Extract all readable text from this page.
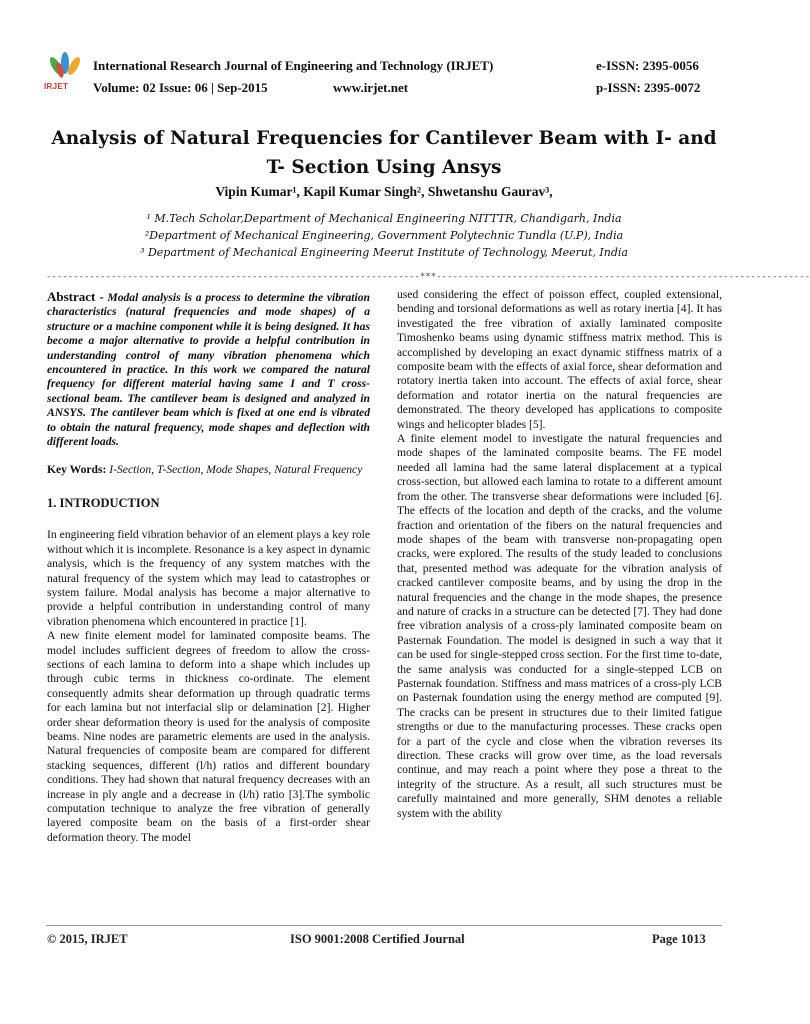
IRJET
International Research Journal of Engineering and Technology (IRJET)
Volume: 02 Issue: 06 | Sep-2015	www.irjet.net
e-ISSN: 2395-0056
p-ISSN: 2395-0072
Analysis of Natural Frequencies for Cantilever Beam with I- and
T- Section Using Ansys
Vipin Kumar¹, Kapil Kumar Singh², Shwetanshu Gaurav³,
¹ M.Tech Scholar,Department of Mechanical Engineering NITTTR, Chandigarh, India
²Department of Mechanical Engineering, Government Polytechnic Tundla (U.P), India
³ Department of Mechanical Engineering Meerut Institute of Technology, Meerut, India
---------------------------------------------------------------------***---------------------------------------------------------------------

Abstract - Modal analysis is a process to determine the vibration characteristics (natural frequencies and mode shapes) of a structure or a machine component while it is being designed. It has become a major alternative to provide a helpful contribution in understanding control of many vibration phenomena which encountered in practice. In this work we compared the natural frequency for different material having same I and T cross- sectional beam. The cantilever beam is designed and analyzed in ANSYS. The cantilever beam which is fixed at one end is vibrated to obtain the natural frequency, mode shapes and deflection with different loads.

Key Words: I-Section, T-Section, Mode Shapes, Natural Frequency

1. INTRODUCTION

In engineering field vibration behavior of an element plays a key role without which it is incomplete. Resonance is a key aspect in dynamic analysis, which is the frequency of any system matches with the natural frequency of the system which may lead to catastrophes or system failure. Modal analysis has become a major alternative to provide a helpful contribution in understanding control of many vibration phenomena which encountered in practice [1].

A new finite element model for laminated composite beams. The model includes sufficient degrees of freedom to allow the cross-sections of each lamina to deform into a shape which includes up through cubic terms in thickness co-ordinate. The element consequently admits shear deformation up through quadratic terms for each lamina but not interfacial slip or delamination [2]. Higher order shear deformation theory is used for the analysis of composite beams. Nine nodes are parametric elements are used in the analysis. Natural frequencies of composite beam are compared for different stacking sequences, different (l/h) ratios and different boundary conditions. They had shown that natural frequency decreases with an increase in ply angle and a decrease in (l/h) ratio [3].The symbolic computation technique to analyze the free vibration of generally layered composite beam on the basis of a first-order shear deformation theory. The model

used considering the effect of poisson effect, coupled extensional, bending and torsional deformations as well as rotary inertia [4]. It has investigated the free vibration of axially laminated composite Timoshenko beams using dynamic stiffness matrix method. This is accomplished by developing an exact dynamic stiffness matrix of a composite beam with the effects of axial force, shear deformation and rotatory inertia taken into account. The effects of axial force, shear deformation and rotator inertia on the natural frequencies are demonstrated. The theory developed has applications to composite wings and helicopter blades [5].

A finite element model to investigate the natural frequencies and mode shapes of the laminated composite beams. The FE model needed all lamina had the same lateral displacement at a typical cross-section, but allowed each lamina to rotate to a different amount from the other. The transverse shear deformations were included [6]. The effects of the location and depth of the cracks, and the volume fraction and orientation of the fibers on the natural frequencies and mode shapes of the beam with transverse non-propagating open cracks, were explored. The results of the study leaded to conclusions that, presented method was adequate for the vibration analysis of cracked cantilever composite beams, and by using the drop in the natural frequencies and the change in the mode shapes, the presence and nature of cracks in a structure can be detected [7]. They had done free vibration analysis of a cross-ply laminated composite beam on Pasternak Foundation. The model is designed in such a way that it can be used for single-stepped cross section. For the first time to-date, the same analysis was conducted for a single-stepped LCB on Pasternak foundation. Stiffness and mass matrices of a cross-ply LCB on Pasternak foundation using the energy method are computed [9]. The cracks can be present in structures due to their limited fatigue strengths or due to the manufacturing processes. These cracks open for a part of the cycle and close when the vibration reverses its direction. These cracks will grow over time, as the load reversals continue, and may reach a point where they pose a threat to the integrity of the structure. As a result, all such structures must be carefully maintained and more generally, SHM denotes a reliable system with the ability

© 2015, IRJET	ISO 9001:2008 Certified Journal	Page 1013
